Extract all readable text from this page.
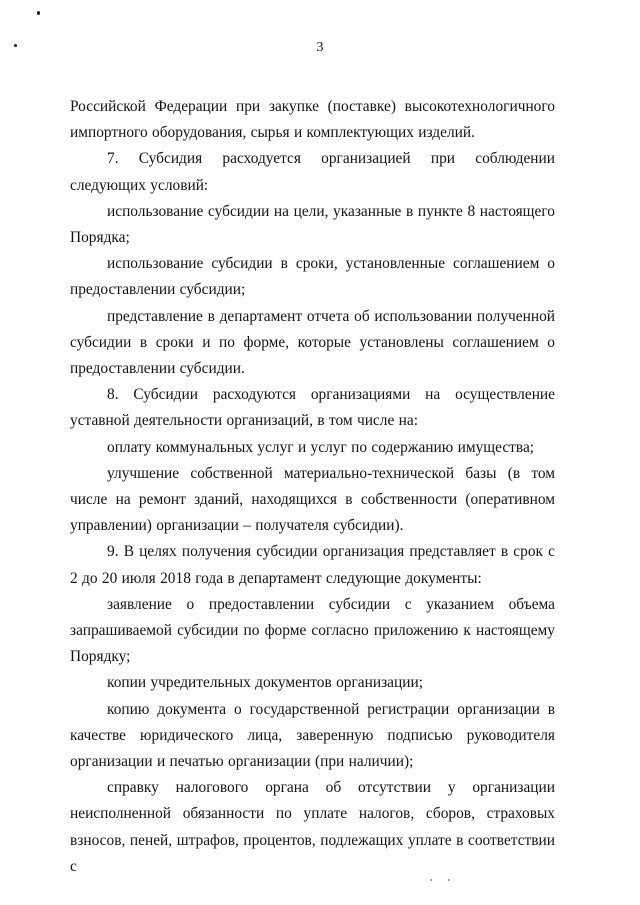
3

Российской Федерации при закупке (поставке) высокотехнологичного импортного оборудования, сырья и комплектующих изделий.

7. Субсидия расходуется организацией при соблюдении следующих условий:

использование субсидии на цели, указанные в пункте 8 настоящего Порядка;

использование субсидии в сроки, установленные соглашением о предоставлении субсидии;

представление в департамент отчета об использовании полученной субсидии в сроки и по форме, которые установлены соглашением о предоставлении субсидии.

8. Субсидии расходуются организациями на осуществление уставной деятельности организаций, в том числе на:

оплату коммунальных услуг и услуг по содержанию имущества;

улучшение собственной материально-технической базы (в том числе на ремонт зданий, находящихся в собственности (оперативном управлении) организации – получателя субсидии).

9. В целях получения субсидии организация представляет в срок с 2 до 20 июля 2018 года в департамент следующие документы:

заявление о предоставлении субсидии с указанием объема запрашиваемой субсидии по форме согласно приложению к настоящему Порядку;

копии учредительных документов организации;

копию документа о государственной регистрации организации в качестве юридического лица, заверенную подписью руководителя организации и печатью организации (при наличии);

справку налогового органа об отсутствии у организации неисполненной обязанности по уплате налогов, сборов, страховых взносов, пеней, штрафов, процентов, подлежащих уплате в соответствии с
